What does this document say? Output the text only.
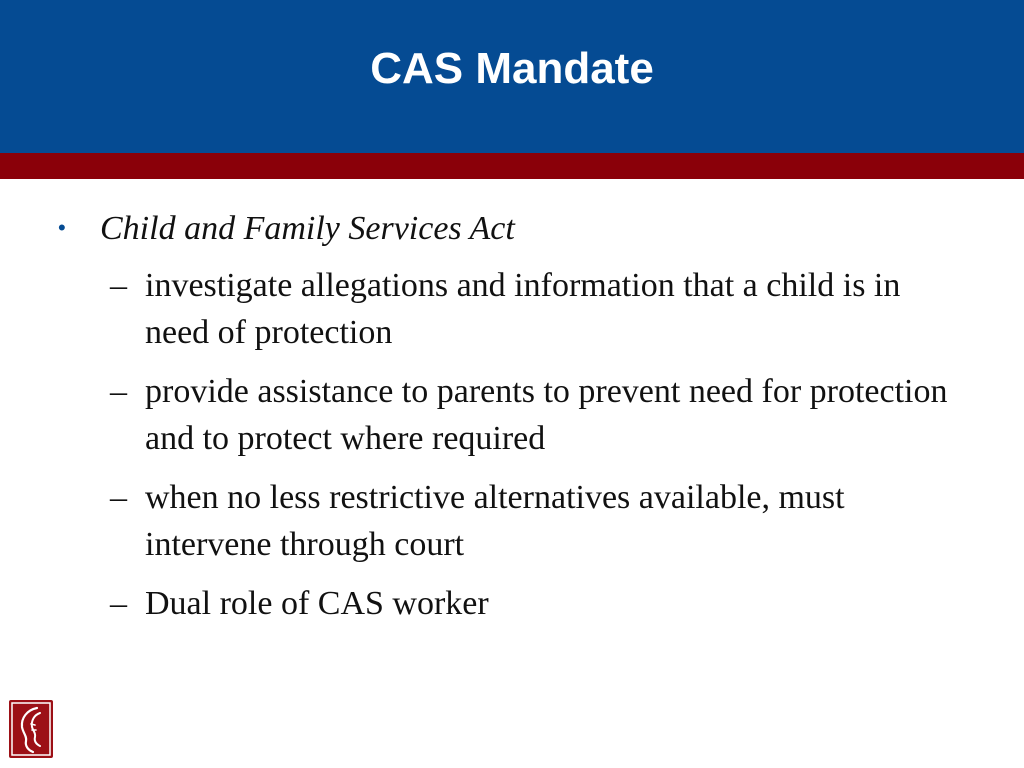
CAS Mandate
•	Child and Family Services Act
– investigate allegations and information that a child is in need of protection
– provide assistance to parents to prevent need for protection and to protect where required
– when no less restrictive alternatives available, must intervene through court
– Dual role of CAS worker
